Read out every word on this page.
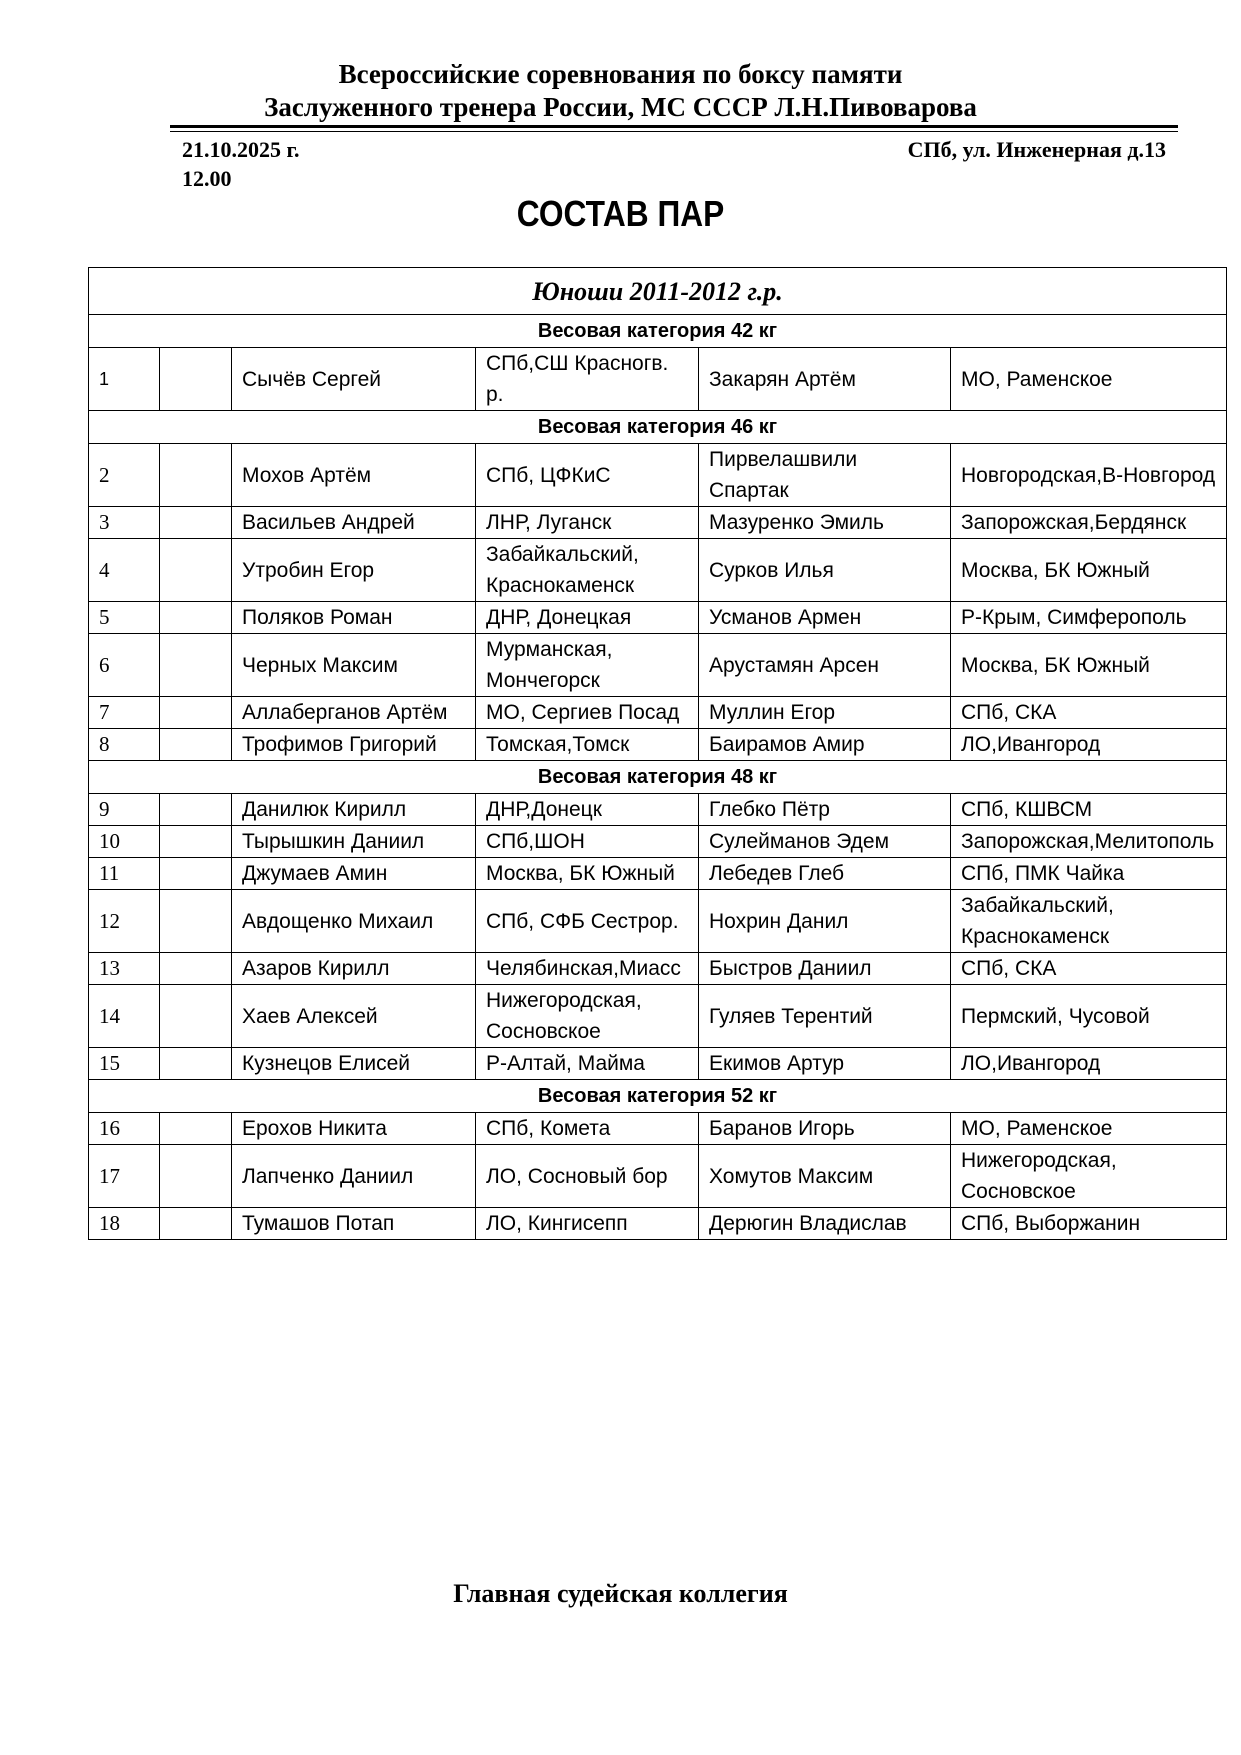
Всероссийские соревнования по боксу памяти
Заслуженного тренера России, МС СССР Л.Н.Пивоварова
21.10.2025 г.
12.00
СПб, ул. Инженерная д.13
СОСТАВ ПАР
Юноши 2011-2012 г.р.					
Весовая категория 42 кг					
1		Сычёв Сергей	СПб,СШ Красногв. р.	Закарян Артём	МО, Раменское
Весовая категория 46 кг					
2		Мохов Артём	СПб, ЦФКиС	Пирвелашвили Спартак	Новгородская,В-Новгород
3		Васильев Андрей	ЛНР, Луганск	Мазуренко Эмиль	Запорожская,Бердянск
4		Утробин Егор	Забайкальский, Краснокаменск	Сурков Илья	Москва, БК Южный
5		Поляков Роман	ДНР, Донецкая	Усманов Армен	Р-Крым, Симферополь
6		Черных Максим	Мурманская, Мончегорск	Арустамян Арсен	Москва, БК Южный
7		Аллаберганов Артём	МО, Сергиев Посад	Муллин Егор	СПб, СКА
8		Трофимов Григорий	Томская,Томск	Баирамов Амир	ЛО,Ивангород
Весовая категория 48 кг					
9		Данилюк Кирилл	ДНР,Донецк	Глебко Пётр	СПб, КШВСМ
10		Тырышкин Даниил	СПб,ШОН	Сулейманов Эдем	Запорожская,Мелитополь
11		Джумаев Амин	Москва, БК Южный	Лебедев Глеб	СПб, ПМК Чайка
12		Авдощенко Михаил	СПб, СФБ Сестрор.	Нохрин Данил	Забайкальский, Краснокаменск
13		Азаров Кирилл	Челябинская,Миасс	Быстров Даниил	СПб, СКА
14		Хаев Алексей	Нижегородская, Сосновское	Гуляев Терентий	Пермский, Чусовой
15		Кузнецов Елисей	Р-Алтай, Майма	Екимов Артур	ЛО,Ивангород
Весовая категория 52 кг					
16		Ерохов Никита	СПб, Комета	Баранов Игорь	МО, Раменское
17		Лапченко Даниил	ЛО, Сосновый бор	Хомутов Максим	Нижегородская, Сосновское
18		Тумашов Потап	ЛО, Кингисепп	Дерюгин Владислав	СПб, Выборжанин
Главная судейская коллегия
